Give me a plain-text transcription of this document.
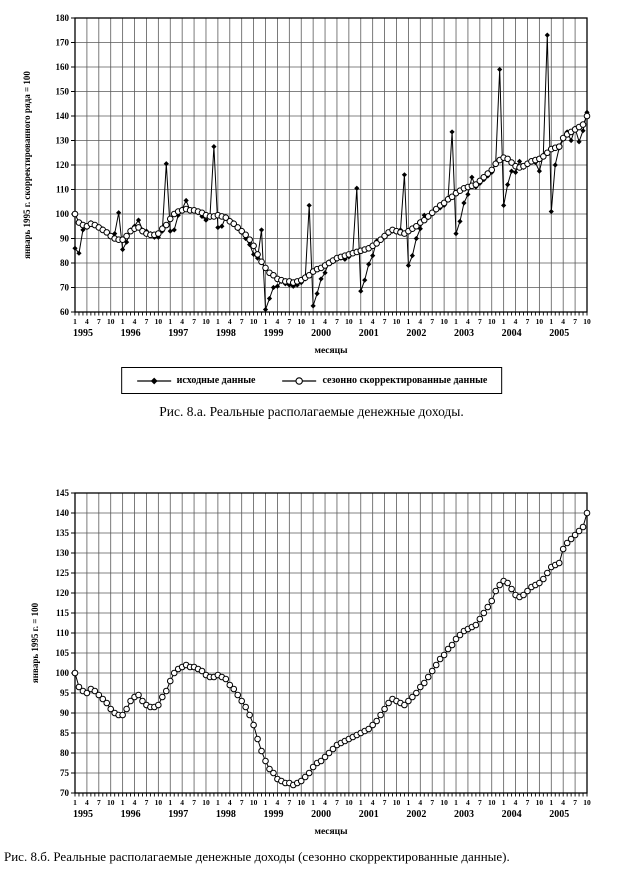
60
70
80
90
100
110
120
130
140
150
160
170
180
1 4 7 10 1 4 7 10 1 4 7 10 1 4 7 10 1 4 7 10 1 4 7 10 1 4 7 10 1 4 7 10 1 4 7 10 1 4 7 10 1 4 7 10
1995	1996	1997	1998	1999	2000	2001	2002	2003	2004	2005
январь 1995 г. скорректированного ряда = 100
месяцы
70
75
80
85
90
95
100
105
110
115
120
125
130
135
140
145
1 4 7 10 1 4 7 10 1 4 7 10 1 4 7 10 1 4 7 10 1 4 7 10 1 4 7 10 1 4 7 10 1 4 7 10 1 4 7 10 1 4 7 10
1995	1996	1997	1998	1999	2000	2001	2002	2003	2004	2005
январь 1995 г. = 100
месяцы
исходные данные	сезонно скорректированные данные
Рис. 8.а. Реальные располагаемые денежные доходы.
Рис. 8.б. Реальные располагаемые денежные доходы (сезонно скорректированные данные).
